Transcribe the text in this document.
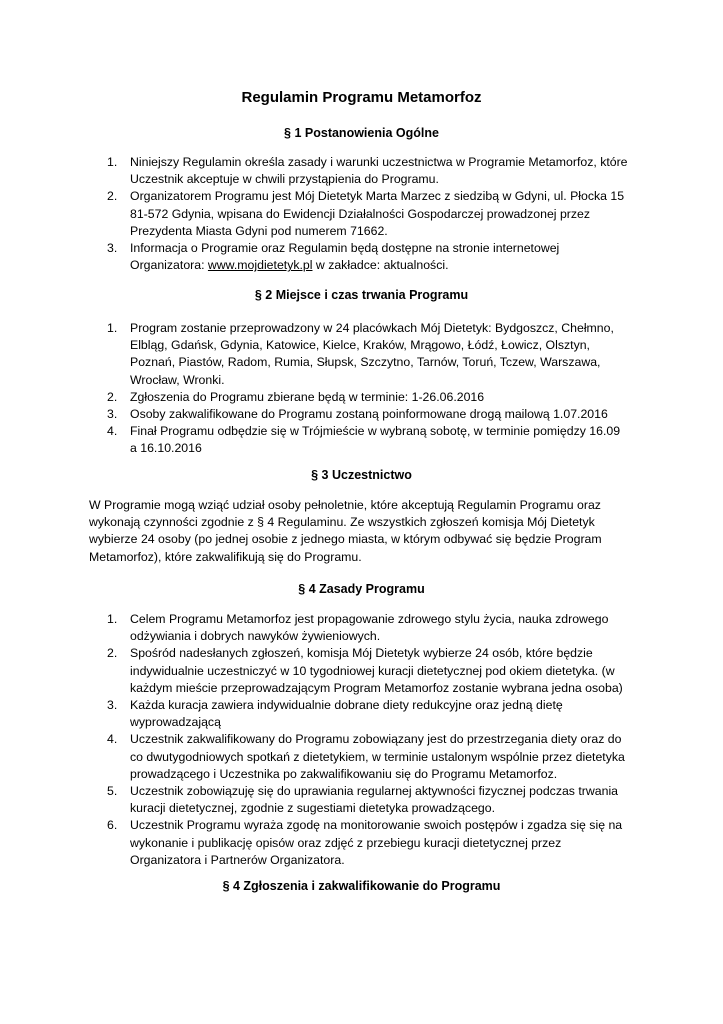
Regulamin Programu Metamorfoz
§ 1 Postanowienia Ogólne
1. Niniejszy Regulamin określa zasady i warunki uczestnictwa w Programie Metamorfoz, które Uczestnik akceptuje w chwili przystąpienia do Programu.
2. Organizatorem Programu jest Mój Dietetyk Marta Marzec z siedzibą w Gdyni, ul. Płocka 15 81-572 Gdynia, wpisana do Ewidencji Działalności Gospodarczej prowadzonej przez Prezydenta Miasta Gdyni pod numerem 71662.
3. Informacja o Programie oraz Regulamin będą dostępne na stronie internetowej Organizatora: www.mojdietetyk.pl w zakładce: aktualności.
§ 2 Miejsce i czas trwania Programu
1. Program zostanie przeprowadzony w 24 placówkach Mój Dietetyk: Bydgoszcz, Chełmno, Elbląg, Gdańsk, Gdynia, Katowice, Kielce, Kraków, Mrągowo, Łódź, Łowicz, Olsztyn, Poznań, Piastów, Radom, Rumia, Słupsk, Szczytno, Tarnów, Toruń, Tczew, Warszawa, Wrocław, Wronki.
2. Zgłoszenia do Programu zbierane będą w terminie: 1-26.06.2016
3. Osoby zakwalifikowane do Programu zostaną poinformowane drogą mailową 1.07.2016
4. Finał Programu odbędzie się w Trójmieście w wybraną sobotę, w terminie pomiędzy 16.09 a 16.10.2016
§ 3 Uczestnictwo

W Programie mogą wziąć udział osoby pełnoletnie, które akceptują Regulamin Programu oraz wykonają czynności zgodnie z § 4 Regulaminu. Ze wszystkich zgłoszeń komisja Mój Dietetyk wybierze 24 osoby (po jednej osobie z jednego miasta, w którym odbywać się będzie Program Metamorfoz), które zakwalifikują się do Programu.

§ 4 Zasady Programu
1. Celem Programu Metamorfoz jest propagowanie zdrowego stylu życia, nauka zdrowego odżywiania i dobrych nawyków żywieniowych.
2. Spośród nadesłanych zgłoszeń, komisja Mój Dietetyk wybierze 24 osób, które będzie indywidualnie uczestniczyć w 10 tygodniowej kuracji dietetycznej pod okiem dietetyka. (w każdym mieście przeprowadzającym Program Metamorfoz zostanie wybrana jedna osoba)
3. Każda kuracja zawiera indywidualnie dobrane diety redukcyjne oraz jedną dietę wyprowadzającą
4. Uczestnik zakwalifikowany do Programu zobowiązany jest do przestrzegania diety oraz do co dwutygodniowych spotkań z dietetykiem, w terminie ustalonym wspólnie przez dietetyka prowadzącego i Uczestnika po zakwalifikowaniu się do Programu Metamorfoz.
5. Uczestnik zobowiązuję się do uprawiania regularnej aktywności fizycznej podczas trwania kuracji dietetycznej, zgodnie z sugestiami dietetyka prowadzącego.
6. Uczestnik Programu wyraża zgodę na monitorowanie swoich postępów i zgadza się się na wykonanie i publikację opisów oraz zdjęć z przebiegu kuracji dietetycznej przez Organizatora i Partnerów Organizatora.
§ 4 Zgłoszenia i zakwalifikowanie do Programu
